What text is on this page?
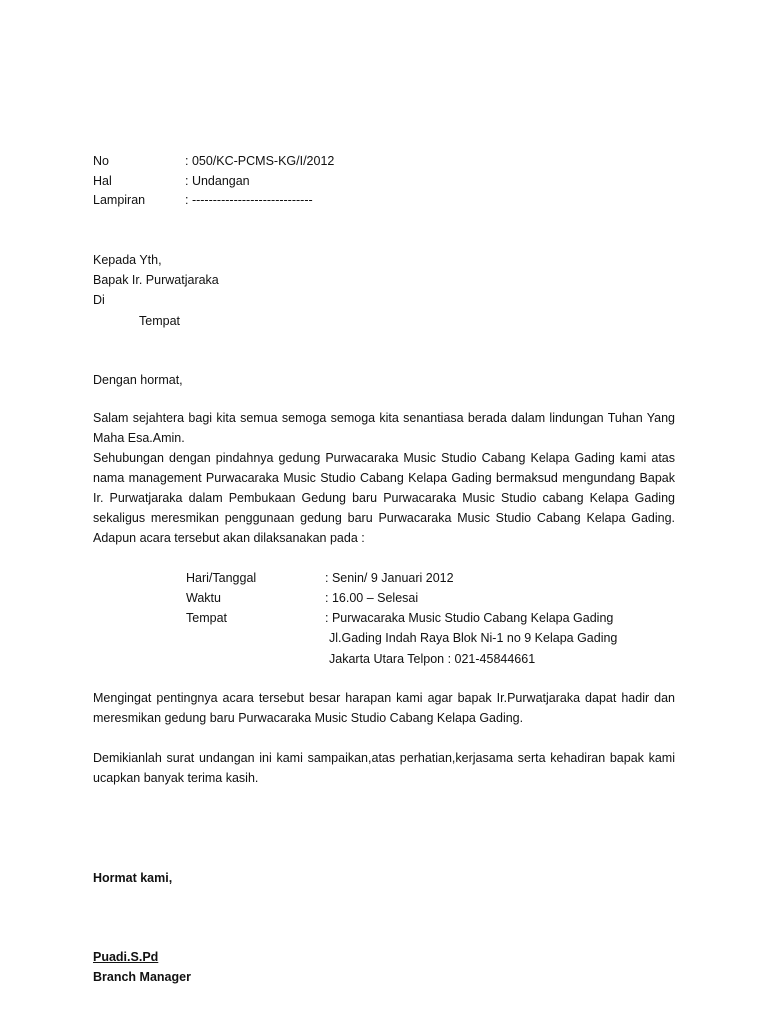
No	: 050/KC-PCMS-KG/I/2012
Hal	: Undangan
Lampiran	: -----------------------------
Kepada Yth,
Bapak Ir. Purwatjaraka
Di
Tempat
Dengan hormat,
Salam sejahtera bagi kita semua semoga semoga kita senantiasa berada dalam lindungan Tuhan Yang Maha Esa.Amin.
Sehubungan dengan pindahnya gedung Purwacaraka Music Studio Cabang Kelapa Gading kami atas nama management Purwacaraka Music Studio Cabang Kelapa Gading bermaksud mengundang Bapak Ir. Purwatjaraka dalam Pembukaan Gedung baru Purwacaraka Music Studio cabang Kelapa Gading sekaligus meresmikan penggunaan gedung baru Purwacaraka Music Studio Cabang Kelapa Gading. Adapun acara tersebut akan dilaksanakan pada :
Hari/Tanggal	: Senin/ 9 Januari 2012
Waktu	: 16.00 – Selesai
Tempat	: Purwacaraka Music Studio Cabang Kelapa Gading
Jl.Gading Indah Raya Blok Ni-1 no 9 Kelapa Gading
Jakarta Utara Telpon : 021-45844661
Mengingat pentingnya acara tersebut besar harapan kami agar bapak Ir.Purwatjaraka dapat hadir dan meresmikan gedung baru Purwacaraka Music Studio Cabang Kelapa Gading.
Demikianlah surat undangan ini kami sampaikan,atas perhatian,kerjasama serta kehadiran bapak kami ucapkan banyak terima kasih.
Hormat kami,
Puadi.S.Pd
Branch Manager
